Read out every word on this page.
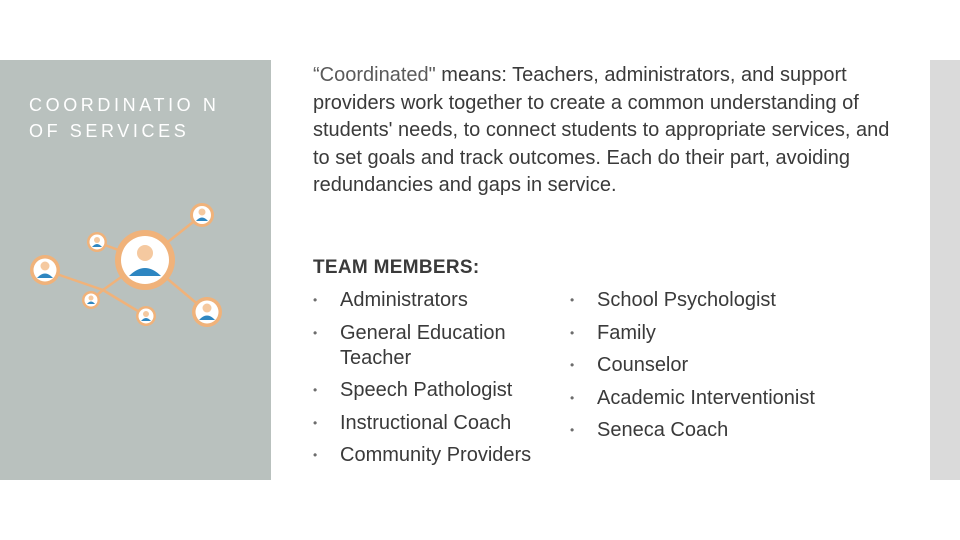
COORDINATIO N OF SERVICES

“Coordinated" means: Teachers, administrators, and support providers work together to create a common understanding of students' needs, to connect students to appropriate services, and to set goals and track outcomes. Each do their part, avoiding redundancies and gaps in service.

TEAM MEMBERS:
• Administrators
• General Education Teacher
• Speech Pathologist
• Instructional Coach
• Community Providers
• School Psychologist
• Family
• Counselor
• Academic Interventionist
• Seneca Coach
